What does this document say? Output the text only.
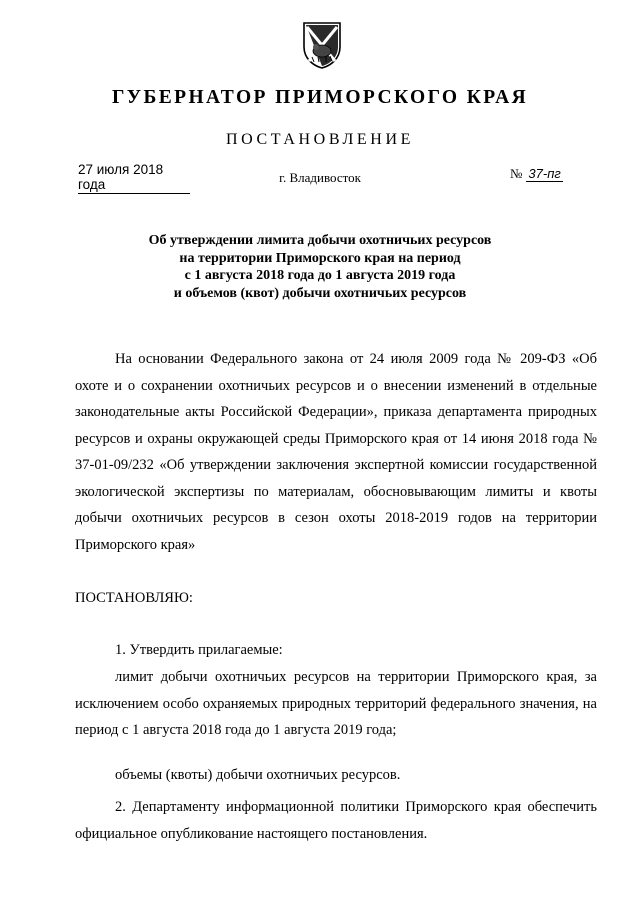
ГУБЕРНАТОР ПРИМОРСКОГО КРАЯ
ПОСТАНОВЛЕНИЕ
27 июля 2018 года	г. Владивосток	№ 37-пг
Об утверждении лимита добычи охотничьих ресурсов
на территории Приморского края на период
с 1 августа 2018 года до 1 августа 2019 года
и объемов (квот) добычи охотничьих ресурсов
На основании Федерального закона от 24 июля 2009 года № 209-ФЗ «Об охоте и о сохранении охотничьих ресурсов и о внесении изменений в отдельные законодательные акты Российской Федерации», приказа департамента природных ресурсов и охраны окружающей среды Приморского края от 14 июня 2018 года № 37-01-09/232 «Об утверждении заключения экспертной комиссии государственной экологической экспертизы по материалам, обосновывающим лимиты и квоты добычи охотничьих ресурсов в сезон охоты 2018-2019 годов на территории Приморского края»
ПОСТАНОВЛЯЮ:
1. Утвердить прилагаемые:
лимит добычи охотничьих ресурсов на территории Приморского края, за исключением особо охраняемых природных территорий федерального значения, на период с 1 августа 2018 года до 1 августа 2019 года;
объемы (квоты) добычи охотничьих ресурсов.
2. Департаменту информационной политики Приморского края обеспечить официальное опубликование настоящего постановления.
